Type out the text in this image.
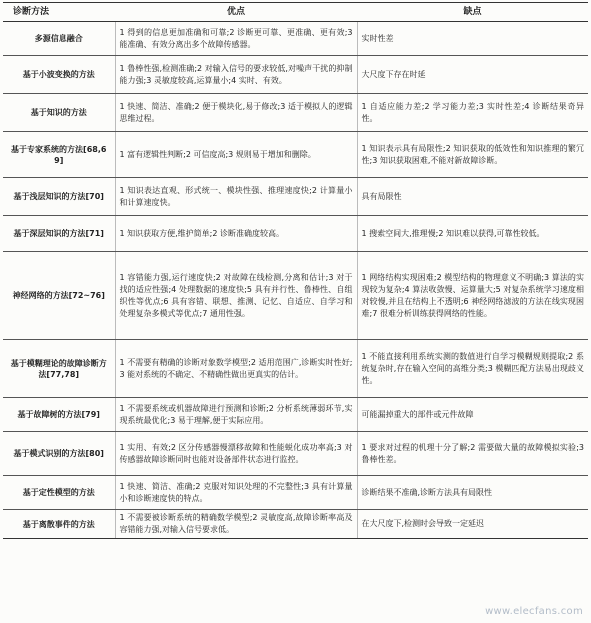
诊断方法	优点	缺点
多源信息融合	1 得到的信息更加准确和可靠;2 诊断更可靠、更准确、更有效;3 能准确、有效分离出多个故障传感器。	实时性差
基于小波变换的方法	1 鲁棒性强,检测准确;2 对输入信号的要求较低,对噪声干扰的抑制能力强;3 灵敏度较高,运算量小;4 实时、有效。	大尺度下存在时延
基于知识的方法	1 快速、简洁、准确;2 便于模块化,易于修改;3 适于模拟人的逻辑思维过程。	1 自适应能力差;2 学习能力差;3 实时性差;4 诊断结果奇异性。
基于专家系统的方法[68,69]	1 富有逻辑性判断;2 可信度高;3 规则易于增加和删除。	1 知识表示具有局限性;2 知识获取的低效性和知识推理的繁冗性;3 知识获取困难,不能对新故障诊断。
基于浅层知识的方法[70]	1 知识表达直观、形式统一、模块性强、推理速度快;2 计算量小和计算速度快。	具有局限性
基于深层知识的方法[71]	1 知识获取方便,维护简单;2 诊断准确度较高。	1 搜索空间大,推理慢;2 知识难以获得,可靠性较低。
神经网络的方法[72~76]	1 容错能力强,运行速度快;2 对故障在线检测,分离和估计;3 对于找的适应性强;4 处理数据的速度快;5 具有并行性、鲁棒性、自组织性等优点;6 具有容错、联想、推测、记忆、自适应、自学习和处理复杂多模式等优点;7 通用性强。	1 网络结构实现困难;2 模型结构的物理意义不明确;3 算法的实现较为复杂;4 算法收敛慢、运算量大;5 对复杂系统学习速度相对较慢,并且在结构上不透明;6 神经网络滤波的方法在线实现困难;7 很难分析训练获得网络的性能。
基于模糊理论的故障诊断方法[77,78]	1 不需要有精确的诊断对象数学模型;2 适用范围广,诊断实时性好;3 能对系统的不确定、不精确性做出更真实的估计。	1 不能直接利用系统实测的数值进行自学习模糊规则提取;2 系统复杂时,存在输入空间的高维分类;3 模糊匹配方法易出现歧义性。
基于故障树的方法[79]	1 不需要系统或机器故障进行预测和诊断;2 分析系统薄弱环节,实现系统最优化;3 易于理解,便于实际应用。	可能漏掉重大的部件或元件故障
基于模式识别的方法[80]	1 实用、有效;2 区分传感器慢漂移故障和性能蜕化成功率高;3 对传感器故障诊断同时也能对设备部件状态进行监控。	1 要求对过程的机理十分了解;2 需要做大量的故障模拟实验;3 鲁棒性差。
基于定性模型的方法	1 快速、简洁、准确;2 克服对知识处理的不完整性;3 具有计算量小和诊断速度快的特点。	诊断结果不准确,诊断方法具有局限性
基于离散事件的方法	1 不需要被诊断系统的精确数学模型;2 灵敏度高,故障诊断率高及容错能力强,对输入信号要求低。	在大尺度下,检测时会导致一定延迟
www.elecfans.com
